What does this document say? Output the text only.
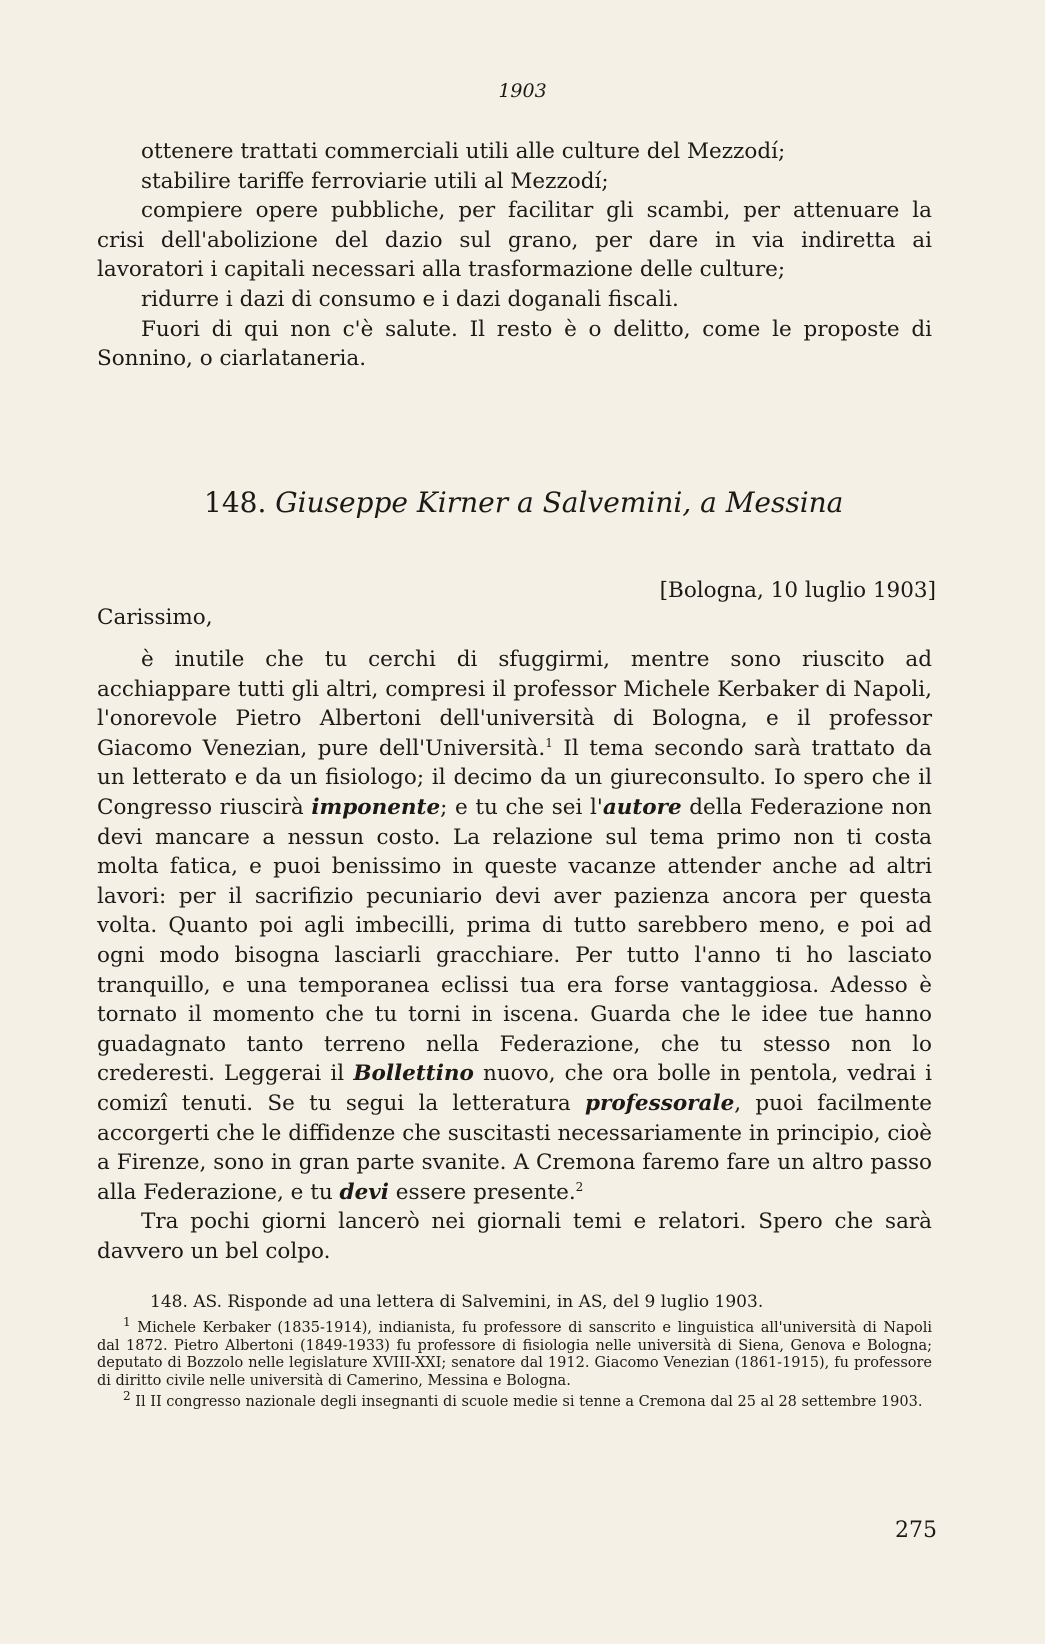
1903
ottenere trattati commerciali utili alle culture del Mezzodí;
stabilire tariffe ferroviarie utili al Mezzodí;

compiere opere pubbliche, per facilitar gli scambi, per attenuare la

crisi dell'abolizione del dazio sul grano, per dare in via indiretta ai lavoratori i capitali necessari alla trasformazione delle culture;

ridurre i dazi di consumo e i dazi doganali fiscali.

Fuori di qui non c'è salute. Il resto è o delitto, come le proposte di Sonnino, o ciarlataneria.

148. Giuseppe Kirner a Salvemini, a Messina
[Bologna, 10 luglio 1903]
Carissimo,

è inutile che tu cerchi di sfuggirmi, mentre sono riuscito ad acchiappare tutti gli altri, compresi il professor Michele Kerbaker di Napoli, l'onorevole Pietro Albertoni dell'università di Bologna, e il professor Giacomo Venezian, pure dell'Università.$^1$ Il tema secondo sarà trattato da un letterato e da un fisiologo; il decimo da un giureconsulto. Io spero che il Congresso riuscirà imponente; e tu che sei l'autore della Federazione non devi mancare a nessun costo. La relazione sul tema primo non ti costa molta fatica, e puoi benissimo in queste vacanze attender anche ad altri lavori: per il sacrifizio pecuniario devi aver pazienza ancora per questa volta. Quanto poi agli imbecilli, prima di tutto sarebbero meno, e poi ad ogni modo bisogna lasciarli gracchiare. Per tutto l'anno ti ho lasciato tranquillo, e una temporanea eclissi tua era forse vantaggiosa. Adesso è tornato il momento che tu torni in iscena. Guarda che le idee tue hanno guadagnato tanto terreno nella Federazione, che tu stesso non lo crederesti. Leggerai il Bollettino nuovo, che ora bolle in pentola, vedrai i comizî tenuti. Se tu segui la letteratura professorale, puoi facilmente accorgerti che le diffidenze che suscitasti necessariamente in principio, cioè a Firenze, sono in gran parte svanite. A Cremona faremo fare un altro passo alla Federazione, e tu devi essere presente.$^2$

Tra pochi giorni lancerò nei giornali temi e relatori. Spero che sarà davvero un bel colpo.

148. AS. Risponde ad una lettera di Salvemini, in AS, del 9 luglio 1903.

$^1$ Michele Kerbaker (1835-1914), indianista, fu professore di sanscrito e linguistica all'università di Napoli dal 1872. Pietro Albertoni (1849-1933) fu professore di fisiologia nelle università di Siena, Genova e Bologna; deputato di Bozzolo nelle legislature XVIII-XXI; senatore dal 1912. Giacomo Venezian (1861-1915), fu professore di diritto civile nelle università di Camerino, Messina e Bologna.

$^2$ Il II congresso nazionale degli insegnanti di scuole medie si tenne a Cremona dal 25 al 28 settembre 1903.

275
